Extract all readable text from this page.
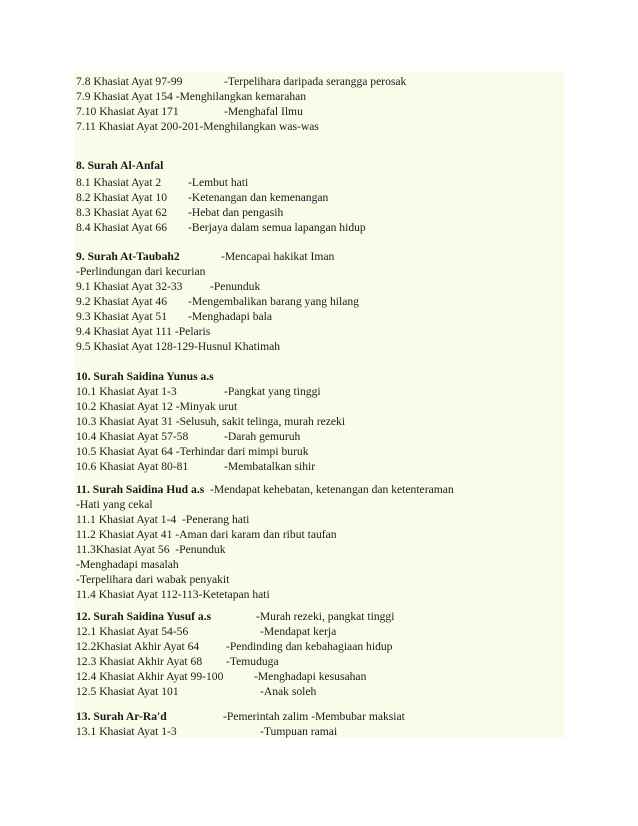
7.8 Khasiat Ayat 97-99	-Terpelihara daripada serangga perosak
7.9 Khasiat Ayat 154 -Menghilangkan kemarahan
7.10 Khasiat Ayat 171	-Menghafal Ilmu
7.11 Khasiat Ayat 200-201-Menghilangkan was-was
8. Surah Al-Anfal
8.1 Khasiat Ayat 2 -Lembut hati
8.2 Khasiat Ayat 10 -Ketenangan dan kemenangan
8.3 Khasiat Ayat 62 -Hebat dan pengasih
8.4 Khasiat Ayat 66 -Berjaya dalam semua lapangan hidup
9. Surah At-Taubah2	-Mencapai hakikat Iman
-Perlindungan dari kecurian
9.1 Khasiat Ayat 32-33 -Penunduk
9.2 Khasiat Ayat 46 -Mengembalikan barang yang hilang
9.3 Khasiat Ayat 51 -Menghadapi bala
9.4 Khasiat Ayat 111 -Pelaris
9.5 Khasiat Ayat 128-129-Husnul Khatimah
10. Surah Saidina Yunus a.s
10.1 Khasiat Ayat 1-3	-Pangkat yang tinggi
10.2 Khasiat Ayat 12 -Minyak urut
10.3 Khasiat Ayat 31 -Selusuh, sakit telinga, murah rezeki
10.4 Khasiat Ayat 57-58	-Darah gemuruh
10.5 Khasiat Ayat 64 -Terhindar dari mimpi buruk
10.6 Khasiat Ayat 80-81	-Membatalkan sihir
11. Surah Saidina Hud a.s -Mendapat kehebatan, ketenangan dan ketenteraman
-Hati yang cekal
11.1 Khasiat Ayat 1-4  -Penerang hati
11.2 Khasiat Ayat 41 -Aman dari karam dan ribut taufan
11.3Khasiat Ayat 56  -Penunduk
-Menghadapi masalah
-Terpelihara dari wabak penyakit
11.4 Khasiat Ayat 112-113-Ketetapan hati
12. Surah Saidina Yusuf a.s	-Murah rezeki, pangkat tinggi
12.1 Khasiat Ayat 54-56	-Mendapat kerja
12.2Khasiat Akhir Ayat 64 -Pendinding dan kebahagiaan hidup
12.3 Khasiat Akhir Ayat 68 -Temuduga
12.4 Khasiat Akhir Ayat 99-100	-Menghadapi kesusahan
12.5 Khasiat Ayat 101	-Anak soleh
13. Surah Ar-Ra'd	-Pemerintah zalim -Membubar maksiat
13.1 Khasiat Ayat 1-3	-Tumpuan ramai
